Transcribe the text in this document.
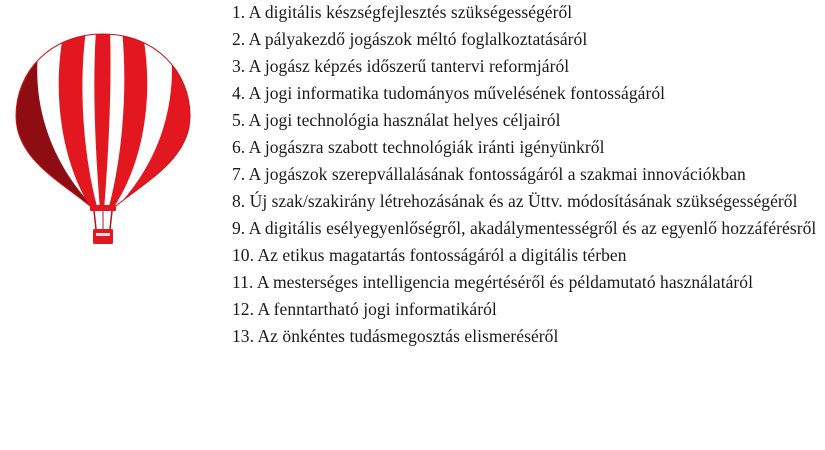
1. A digitális készségfejlesztés szükségességéről
2. A pályakezdő jogászok méltó foglalkoztatásáról
3. A jogász képzés időszerű tantervi reformjáról
4. A jogi informatika tudományos művelésének fontosságáról
5. A jogi technológia használat helyes céljairól
6. A jogászra szabott technológiák iránti igényünkről
7. A jogászok szerepvállalásának fontosságáról a szakmai innovációkban
8. Új szak/szakirány létrehozásának és az Üttv. módosításának szükségességéről
9. A digitális esélyegyenlőségről, akadálymentességről és az egyenlő hozzáférésről
10. Az etikus magatartás fontosságáról a digitális térben
11. A mesterséges intelligencia megértéséről és példamutató használatáról
12. A fenntartható jogi informatikáról
13. Az önkéntes tudásmegosztás elismeréséről
